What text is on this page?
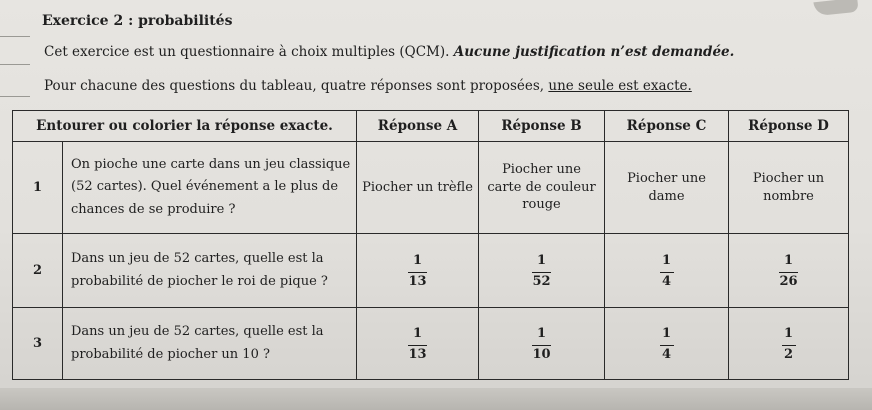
Exercice 2 : probabilités
Cet exercice est un questionnaire à choix multiples (QCM). Aucune justification n’est demandée.
Pour chacune des questions du tableau, quatre réponses sont proposées, une seule est exacte.
Entourer ou colorier la réponse exacte.		Réponse A	Réponse B	Réponse C	Réponse D
1	On pioche une carte dans un jeu classique (52 cartes). Quel événement a le plus de chances de se produire ?	Piocher un trèfle	Piocher une carte de couleur rouge	Piocher une dame	Piocher un nombre
2	Dans un jeu de 52 cartes, quelle est la probabilité de piocher le roi de pique ?	$\frac{1}{13}$	$\frac{1}{52}$	$\frac{1}{4}$	$\frac{1}{26}$

3	Dans un jeu de 52 cartes, quelle est la probabilité de piocher un 10 ?	$\frac{1}{13}$	$\frac{1}{10}$	$\frac{1}{4}$	$\frac{1}{2}$
